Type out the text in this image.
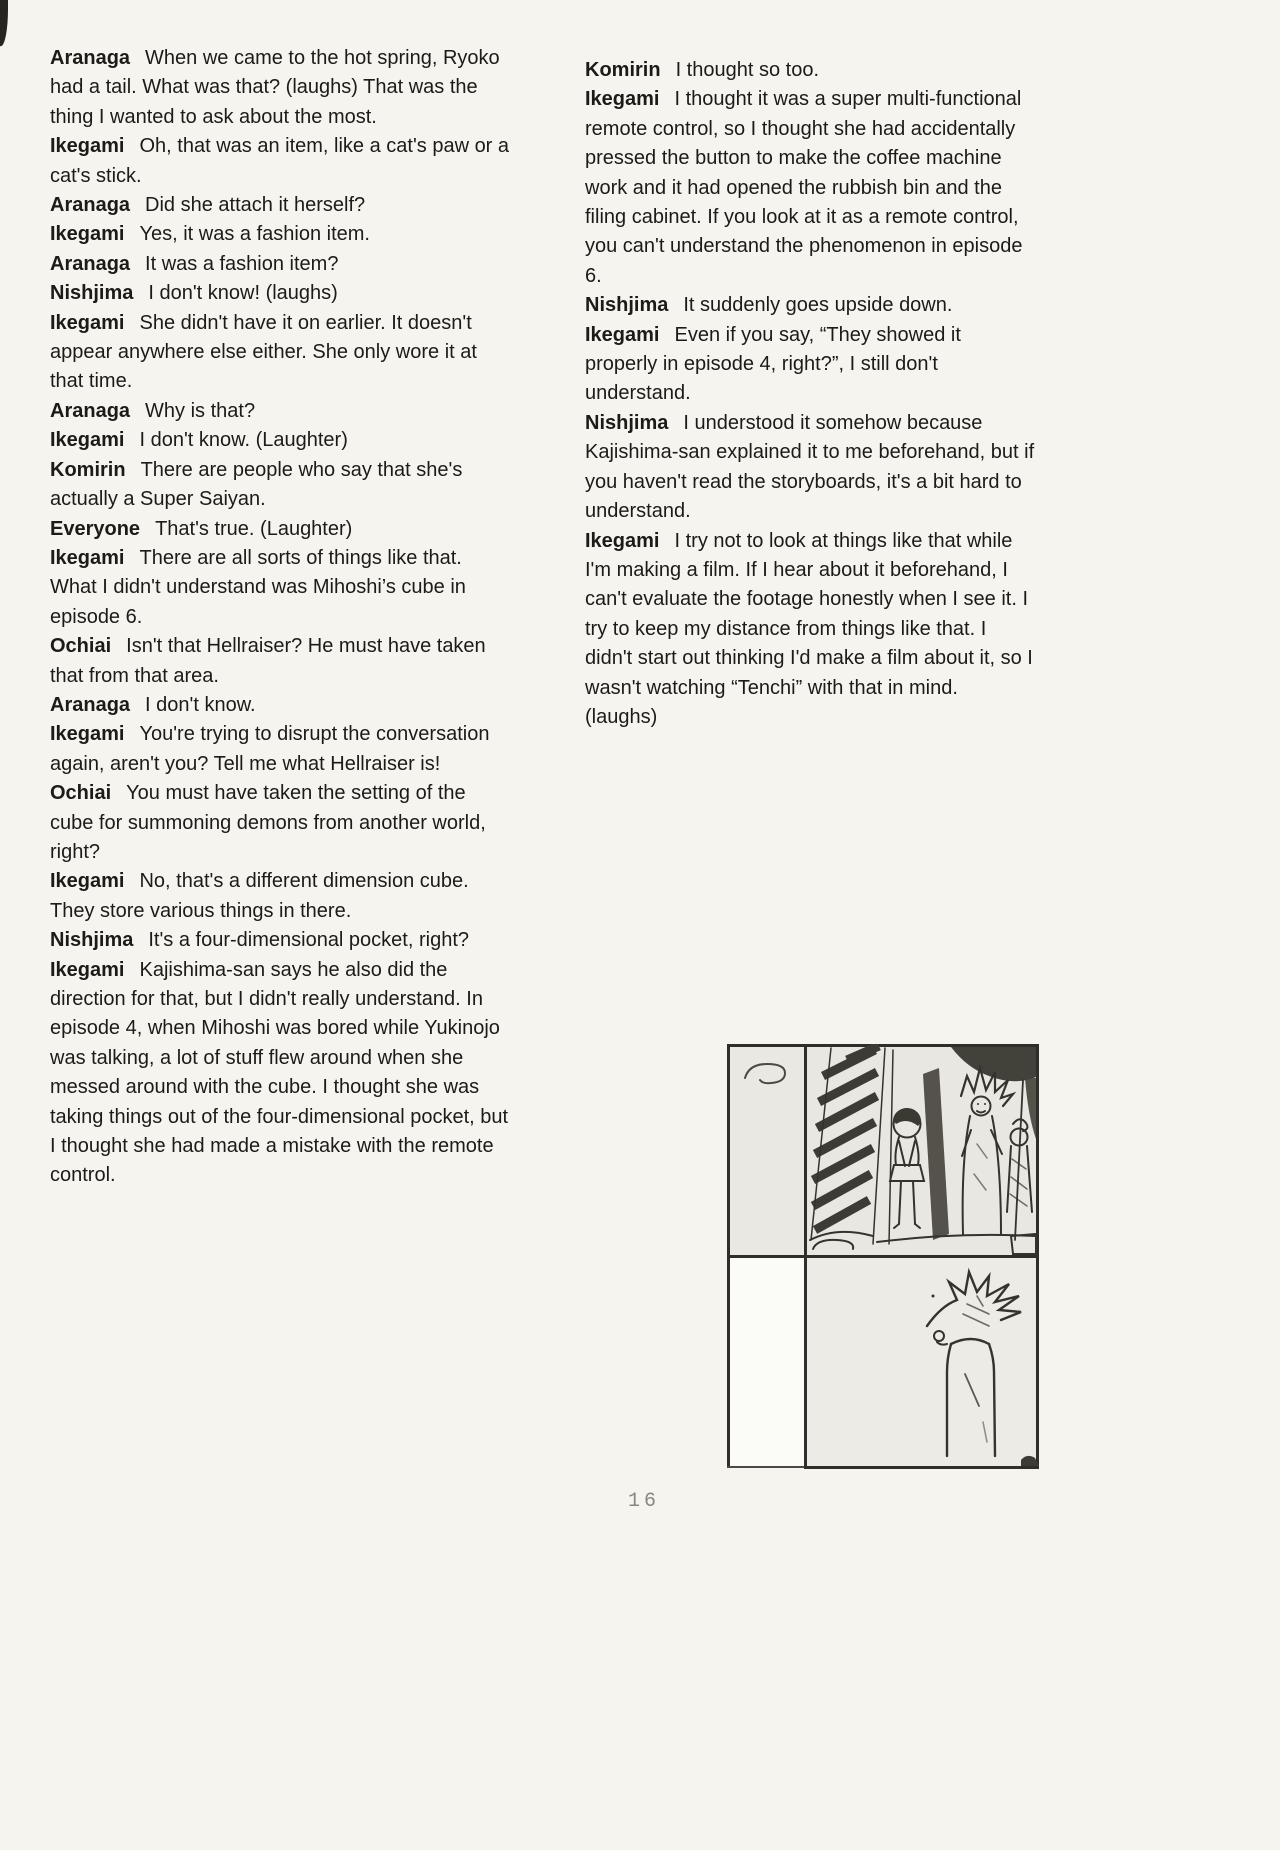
Aranaga When we came to the hot spring, Ryoko had a tail. What was that? (laughs) That was the thing I wanted to ask about the most.

Ikegami Oh, that was an item, like a cat's paw or a cat's stick.

Aranaga Did she attach it herself?

Ikegami Yes, it was a fashion item.

Aranaga It was a fashion item?

Nishjima I don't know! (laughs)

Ikegami She didn't have it on earlier. It doesn't appear anywhere else either. She only wore it at that time.

Aranaga Why is that?

Ikegami I don't know. (Laughter)

Komirin There are people who say that she's actually a Super Saiyan.

Everyone That's true. (Laughter)

Ikegami There are all sorts of things like that. What I didn't understand was Mihoshi’s cube in episode 6.

Ochiai Isn't that Hellraiser? He must have taken that from that area.

Aranaga I don't know.

Ikegami You're trying to disrupt the conversation again, aren't you? Tell me what Hellraiser is!

Ochiai You must have taken the setting of the cube for summoning demons from another world, right?

Ikegami No, that's a different dimension cube. They store various things in there.

Nishjima It's a four-dimensional pocket, right?

Ikegami Kajishima-san says he also did the direction for that, but I didn't really understand. In episode 4, when Mihoshi was bored while Yukinojo was talking, a lot of stuff flew around when she messed around with the cube. I thought she was taking things out of the four-dimensional pocket, but I thought she had made a mistake with the remote control.

Komirin I thought so too.

Ikegami I thought it was a super multi-functional remote control, so I thought she had accidentally pressed the button to make the coffee machine work and it had opened the rubbish bin and the filing cabinet. If you look at it as a remote control, you can't understand the phenomenon in episode 6.

Nishjima It suddenly goes upside down.

Ikegami Even if you say, “They showed it properly in episode 4, right?”, I still don't understand.

Nishjima I understood it somehow because Kajishima-san explained it to me beforehand, but if you haven't read the storyboards, it's a bit hard to understand.

Ikegami I try not to look at things like that while I'm making a film. If I hear about it beforehand, I can't evaluate the footage honestly when I see it. I try to keep my distance from things like that. I didn't start out thinking I'd make a film about it, so I wasn't watching “Tenchi” with that in mind. (laughs)

16
